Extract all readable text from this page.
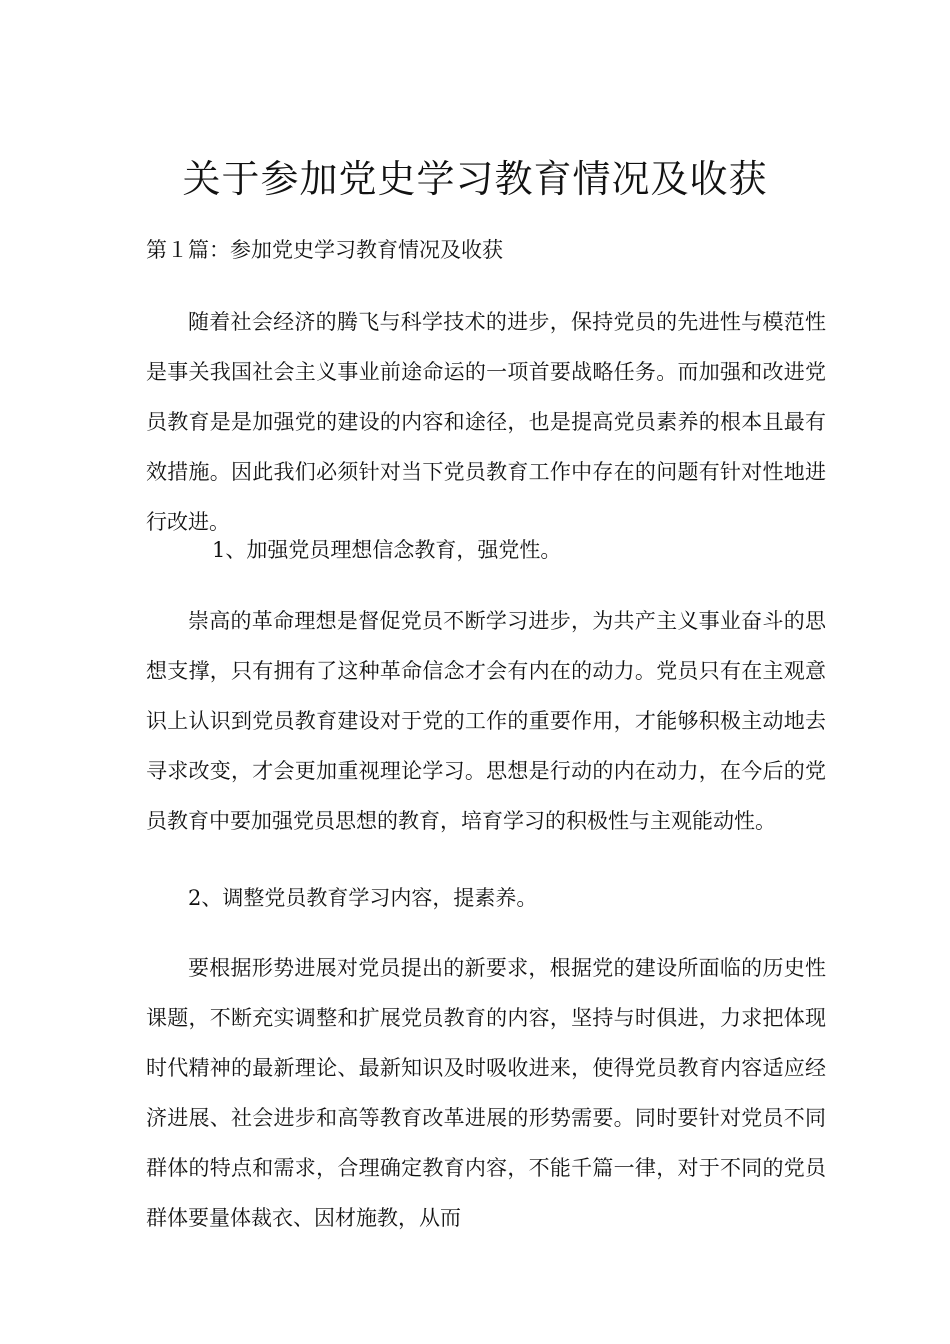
关于参加党史学习教育情况及收获
第１篇：参加党史学习教育情况及收获

随着社会经济的腾飞与科学技术的进步，保持党员的先进性与模范性是事关我国社会主义事业前途命运的一项首要战略任务。而加强和改进党员教育是是加强党的建设的内容和途径，也是提高党员素养的根本且最有效措施。因此我们必须针对当下党员教育工作中存在的问题有针对性地进行改进。

1、加强党员理想信念教育，强党性。

崇高的革命理想是督促党员不断学习进步，为共产主义事业奋斗的思想支撑，只有拥有了这种革命信念才会有内在的动力。党员只有在主观意识上认识到党员教育建设对于党的工作的重要作用，才能够积极主动地去寻求改变，才会更加重视理论学习。思想是行动的内在动力，在今后的党员教育中要加强党员思想的教育，培育学习的积极性与主观能动性。

2、调整党员教育学习内容，提素养。

要根据形势进展对党员提出的新要求，根据党的建设所面临的历史性课题，不断充实调整和扩展党员教育的内容，坚持与时俱进，力求把体现时代精神的最新理论、最新知识及时吸收进来，使得党员教育内容适应经济进展、社会进步和高等教育改革进展的形势需要。同时要针对党员不同群体的特点和需求，合理确定教育内容，不能千篇一律，对于不同的党员群体要量体裁衣、因材施教，从而
